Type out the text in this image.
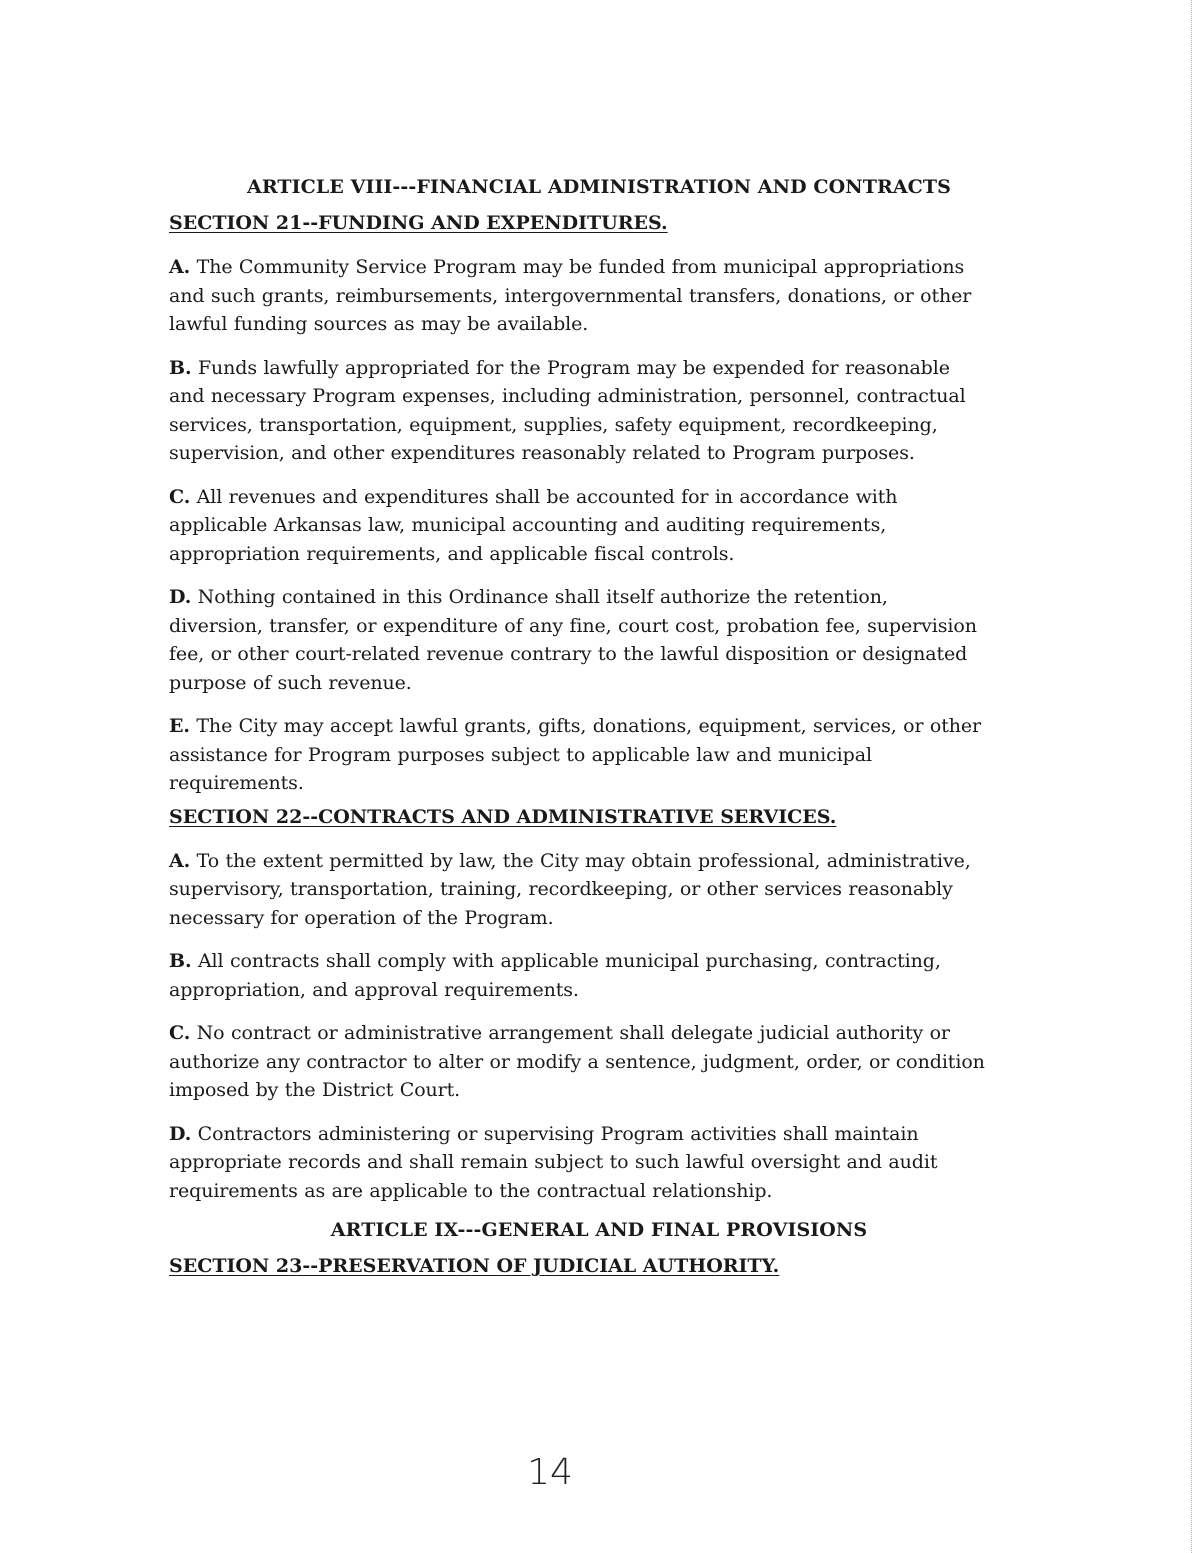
ARTICLE VIII---FINANCIAL ADMINISTRATION AND CONTRACTS
SECTION 21--FUNDING AND EXPENDITURES.

A. The Community Service Program may be funded from municipal appropriations
and such grants, reimbursements, intergovernmental transfers, donations, or other
lawful funding sources as may be available.

B. Funds lawfully appropriated for the Program may be expended for reasonable
and necessary Program expenses, including administration, personnel, contractual
services, transportation, equipment, supplies, safety equipment, recordkeeping,
supervision, and other expenditures reasonably related to Program purposes.

C. All revenues and expenditures shall be accounted for in accordance with
applicable Arkansas law, municipal accounting and auditing requirements,
appropriation requirements, and applicable fiscal controls.

D. Nothing contained in this Ordinance shall itself authorize the retention,
diversion, transfer, or expenditure of any fine, court cost, probation fee, supervision
fee, or other court-related revenue contrary to the lawful disposition or designated
purpose of such revenue.

E. The City may accept lawful grants, gifts, donations, equipment, services, or other
assistance for Program purposes subject to applicable law and municipal
requirements.

SECTION 22--CONTRACTS AND ADMINISTRATIVE SERVICES.

A. To the extent permitted by law, the City may obtain professional, administrative,
supervisory, transportation, training, recordkeeping, or other services reasonably
necessary for operation of the Program.

B. All contracts shall comply with applicable municipal purchasing, contracting,
appropriation, and approval requirements.

C. No contract or administrative arrangement shall delegate judicial authority or
authorize any contractor to alter or modify a sentence, judgment, order, or condition
imposed by the District Court.

D. Contractors administering or supervising Program activities shall maintain
appropriate records and shall remain subject to such lawful oversight and audit
requirements as are applicable to the contractual relationship.

ARTICLE IX---GENERAL AND FINAL PROVISIONS
SECTION 23--PRESERVATION OF JUDICIAL AUTHORITY.
14
